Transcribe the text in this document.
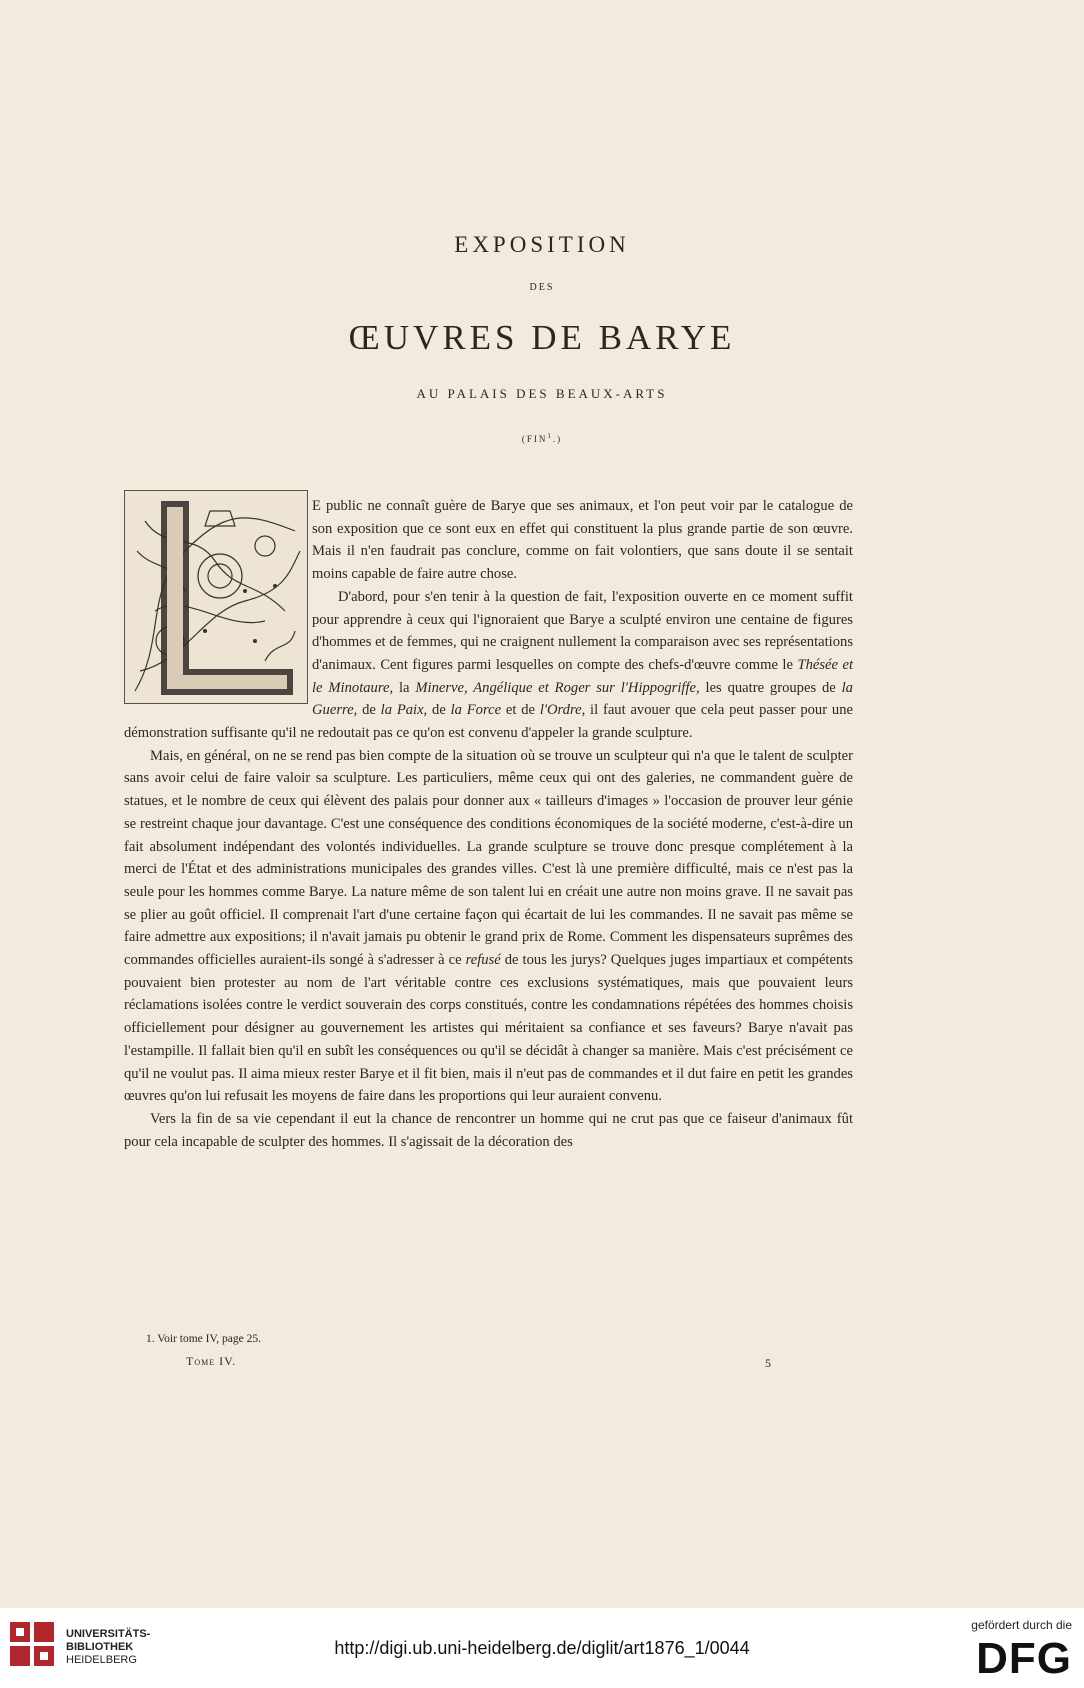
EXPOSITION
DES
ŒUVRES DE BARYE
AU PALAIS DES BEAUX-ARTS
(FIN$^1$.)

E public ne connaît guère de Barye que ses animaux, et l'on peut voir par le catalogue de son exposition que ce sont eux en effet qui constituent la plus grande partie de son œuvre. Mais il n'en faudrait pas conclure, comme on fait volontiers, que sans doute il se sentait moins capable de faire autre chose.

D'abord, pour s'en tenir à la question de fait, l'exposition ouverte en ce moment suffit pour apprendre à ceux qui l'ignoraient que Barye a sculpté environ une centaine de figures d'hommes et de femmes, qui ne craignent nullement la comparaison avec ses représentations d'animaux. Cent figures parmi lesquelles on compte des chefs-d'œuvre comme le Thésée et le Minotaure, la Minerve, Angélique et Roger sur l'Hippogriffe, les quatre groupes de la Guerre, de la Paix, de la Force et de l'Ordre, il faut avouer que cela peut passer pour une démonstration suffisante qu'il ne redoutait pas ce qu'on est convenu d'appeler la grande sculpture.

Mais, en général, on ne se rend pas bien compte de la situation où se trouve un sculpteur qui n'a que le talent de sculpter sans avoir celui de faire valoir sa sculpture. Les particuliers, même ceux qui ont des galeries, ne commandent guère de statues, et le nombre de ceux qui élèvent des palais pour donner aux « tailleurs d'images » l'occasion de prouver leur génie se restreint chaque jour davantage. C'est une conséquence des conditions économiques de la société moderne, c'est-à-dire un fait absolument indépendant des volontés individuelles. La grande sculpture se trouve donc presque complétement à la merci de l'État et des administrations municipales des grandes villes. C'est là une première difficulté, mais ce n'est pas la seule pour les hommes comme Barye. La nature même de son talent lui en créait une autre non moins grave. Il ne savait pas se plier au goût officiel. Il comprenait l'art d'une certaine façon qui écartait de lui les commandes. Il ne savait pas même se faire admettre aux expositions; il n'avait jamais pu obtenir le grand prix de Rome. Comment les dispensateurs suprêmes des commandes officielles auraient-ils songé à s'adresser à ce refusé de tous les jurys? Quelques juges impartiaux et compétents pouvaient bien protester au nom de l'art véritable contre ces exclusions systématiques, mais que pouvaient leurs réclamations isolées contre le verdict souverain des corps constitués, contre les condamnations répétées des hommes choisis officiellement pour désigner au gouvernement les artistes qui méritaient sa confiance et ses faveurs? Barye n'avait pas l'estampille. Il fallait bien qu'il en subît les conséquences ou qu'il se décidât à changer sa manière. Mais c'est précisément ce qu'il ne voulut pas. Il aima mieux rester Barye et il fit bien, mais il n'eut pas de commandes et il dut faire en petit les grandes œuvres qu'on lui refusait les moyens de faire dans les proportions qui leur auraient convenu.

Vers la fin de sa vie cependant il eut la chance de rencontrer un homme qui ne crut pas que ce faiseur d'animaux fût pour cela incapable de sculpter des hommes. Il s'agissait de la décoration des

1. Voir tome IV, page 25.
Tome IV.	5
UNIVERSITÄTS-
BIBLIOTHEK
HEIDELBERG
http://digi.ub.uni-heidelberg.de/diglit/art1876_1/0044
gefördert durch die
DFG
